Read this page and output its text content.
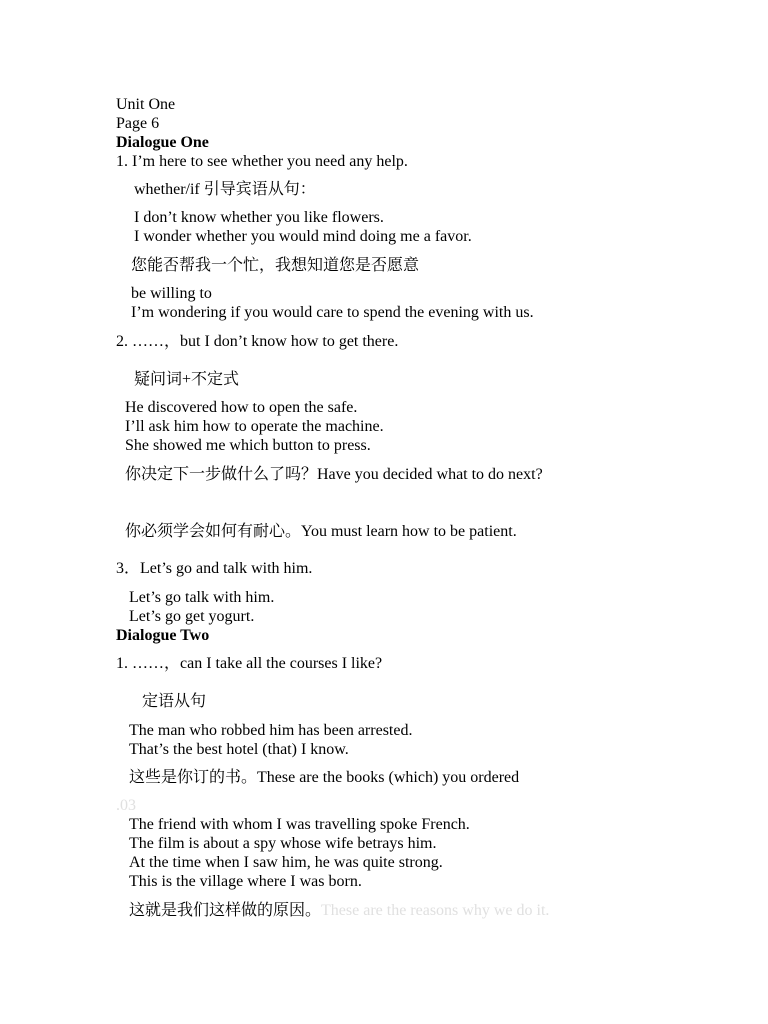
Unit One
Page 6
Dialogue One
1. I’m here to see whether you need any help.
whether/if 引导宾语从句：
I don’t know whether you like flowers.
I wonder whether you would mind doing me a favor.
您能否帮我一个忙，我想知道您是否愿意
be willing to
I’m wondering if you would care to spend the evening with us.
2. ……，but I don’t know how to get there.
疑问词+不定式
He discovered how to open the safe.
I’ll ask him how to operate the machine.
She showed me which button to press.
你决定下一步做什么了吗？Have you decided what to do next?
你必须学会如何有耐心。You must learn how to be patient.
3．Let’s go and talk with him.
Let’s go talk with him.
Let’s go get yogurt.
Dialogue Two
1. ……，can I take all the courses I like?
定语从句
The man who robbed him has been arrested.
That’s the best hotel (that) I know.
这些是你订的书。These are the books (which) you ordered
.03
The friend with whom I was travelling spoke French.
The film is about a spy whose wife betrays him.
At the time when I saw him, he was quite strong.
This is the village where I was born.
这就是我们这样做的原因。These are the reasons why we do it.
